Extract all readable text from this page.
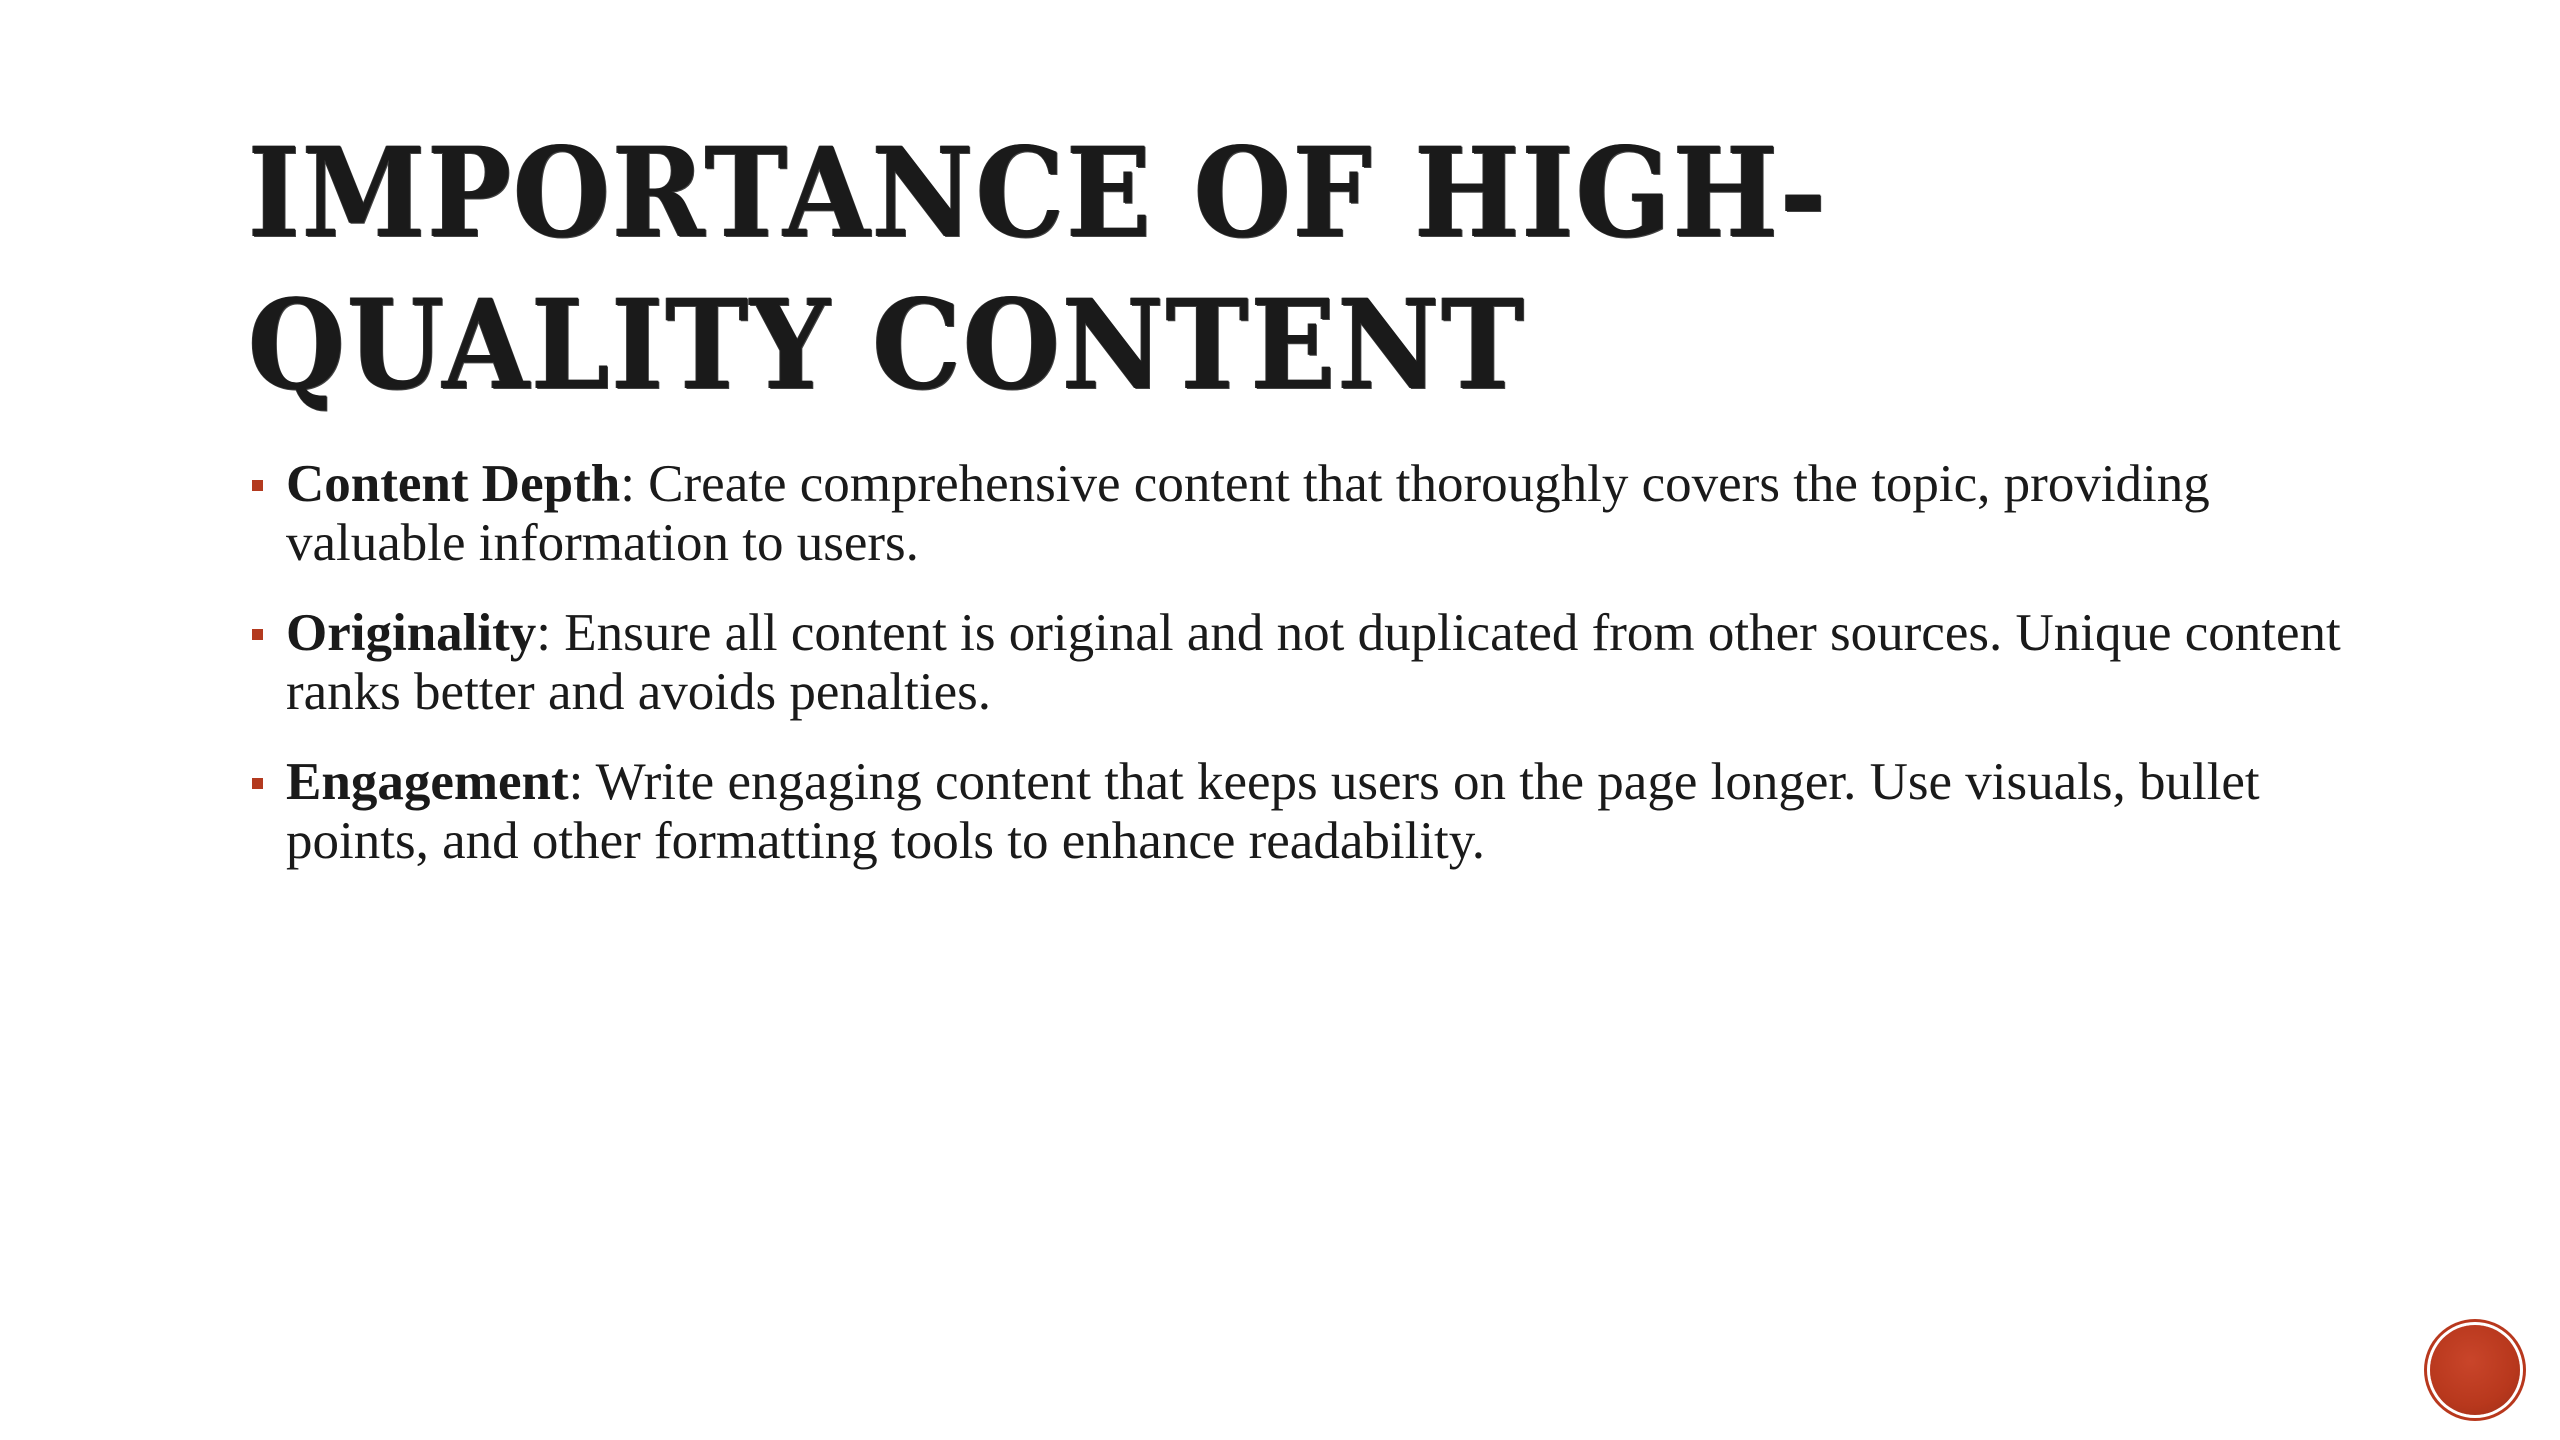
IMPORTANCE OF HIGH-QUALITY CONTENT
Content Depth: Create comprehensive content that thoroughly covers the topic, providing valuable information to users.
Originality: Ensure all content is original and not duplicated from other sources. Unique content ranks better and avoids penalties.
Engagement: Write engaging content that keeps users on the page longer. Use visuals, bullet points, and other formatting tools to enhance readability.
